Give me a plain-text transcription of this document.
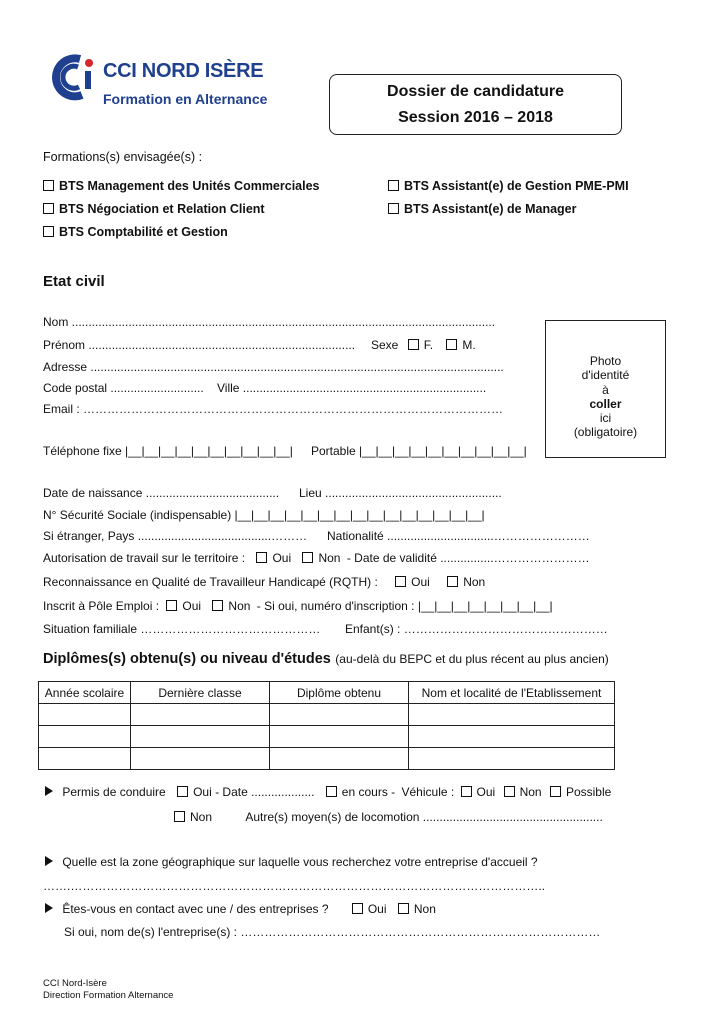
CCI NORD ISÈRE
Formation en Alternance	Dossier de candidature
Session 2016 – 2018
Formations(s) envisagée(s) :
BTS Management des Unités Commerciales	BTS Assistant(e) de Gestion PME-PMI
BTS Négociation et Relation Client	BTS Assistant(e) de Manager
BTS Comptabilité et Gestion
Etat civil
Nom ...............................................................................................................................
Prénom ................................................................................ Sexe F. M.
Adresse ............................................................................................................................
Code postal ............................ Ville .........................................................................
Email : ……………………………………………………………………………………………
Photo
d'identité
à
coller
ici
(obligatoire)
Téléphone fixe |__|__|__|__|__|__|__|__|__|__| Portable |__|__|__|__|__|__|__|__|__|__|
Date de naissance ........................................ Lieu .....................................................
N° Sécurité Sociale (indispensable) |__|__|__|__|__|__|__|__|__|__|__|__|__|__|__|
Si étranger, Pays ........................................……… Nationalité ................................……………………
Autorisation de travail sur le territoire : Oui Non - Date de validité ................……………………
Reconnaissance en Qualité de Travailleur Handicapé (RQTH) :	Oui	Non
Inscrit à Pôle Emploi : Oui Non - Si oui, numéro d'inscription : |__|__|__|__|__|__|__|__|
Situation familiale ……………………………………… Enfant(s) : ……………………………………………
Diplômes(s) obtenu(s) ou niveau d'études (au-delà du BEPC et du plus récent au plus ancien)
Année scolaire	Dernière classe	Diplôme obtenu	Nom et localité de l'Etablissement

Permis de conduire Oui - Date ................... en cours - Véhicule : Oui Non Possible
Non	Autre(s) moyen(s) de locomotion ......................................................
Quelle est la zone géographique sur laquelle vous recherchez votre entreprise d'accueil ?
…….………………………………………………………………………………………………………..
Êtes-vous en contact avec une / des entreprises ?	Oui Non
Si oui, nom de(s) l'entreprise(s) : ………………………………………………………………………………
CCI Nord-Isère
Direction Formation Alternance
